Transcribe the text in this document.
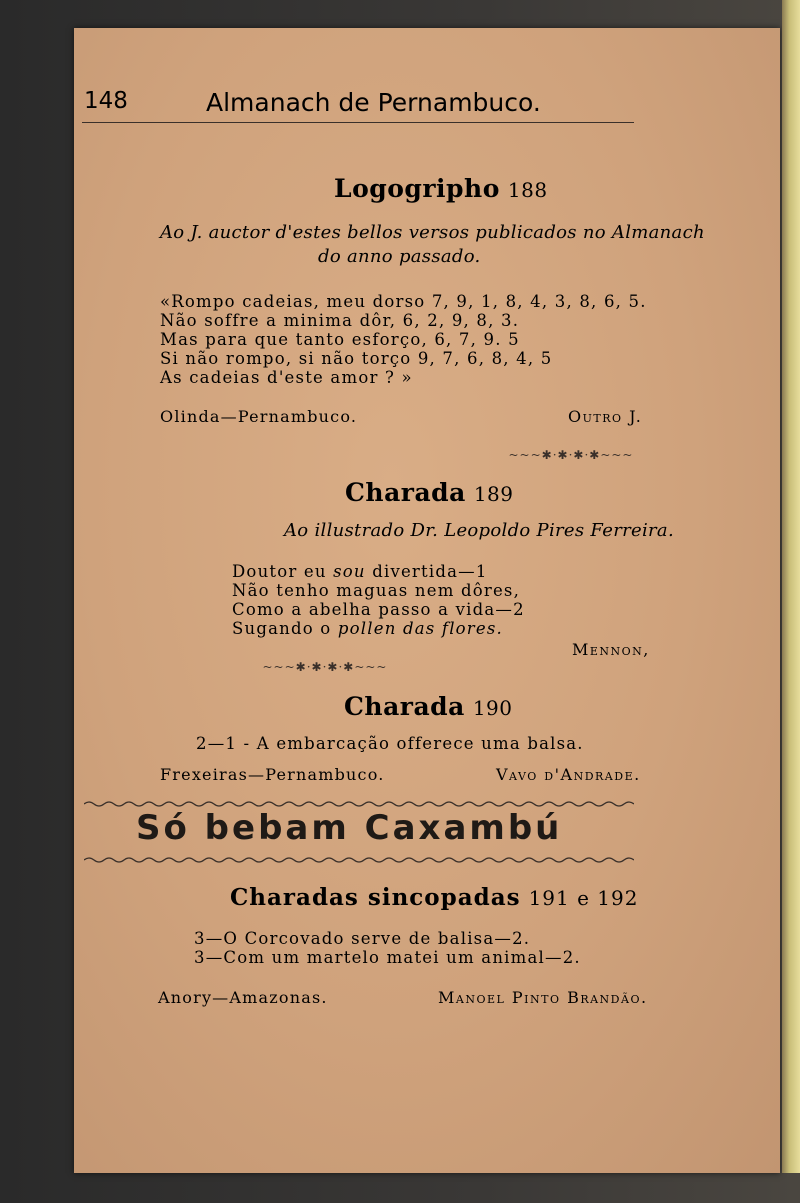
148	Almanach de Pernambuco.
Logogripho 188
Ao J. auctor d'estes bellos versos publicados no Almanach
do anno passado.
«Rompo cadeias, meu dorso 7, 9, 1, 8, 4, 3, 8, 6, 5.
Não soffre a minima dôr, 6, 2, 9, 8, 3.
Mas para que tanto esforço, 6, 7, 9. 5
Si não rompo, si não torço 9, 7, 6, 8, 4, 5
As cadeias d'este amor ? »
Olinda—Pernambuco.	Outro J.
~~~✱·✱·✱·✱~~~
Charada 189
Ao illustrado Dr. Leopoldo Pires Ferreira.
Doutor eu sou divertida—1
Não tenho maguas nem dôres,
Como a abelha passo a vida—2
Sugando o pollen das flores.
Mennon,
~~~✱·✱·✱·✱~~~
Charada 190
2—1 - A embarcação offerece uma balsa.
Frexeiras—Pernambuco.	Vavo d'Andrade.
Só bebam Caxambú
Charadas sincopadas 191 e 192
3—O Corcovado serve de balisa—2.
3—Com um martelo matei um animal—2.
Anory—Amazonas.	Manoel Pinto Brandão.
